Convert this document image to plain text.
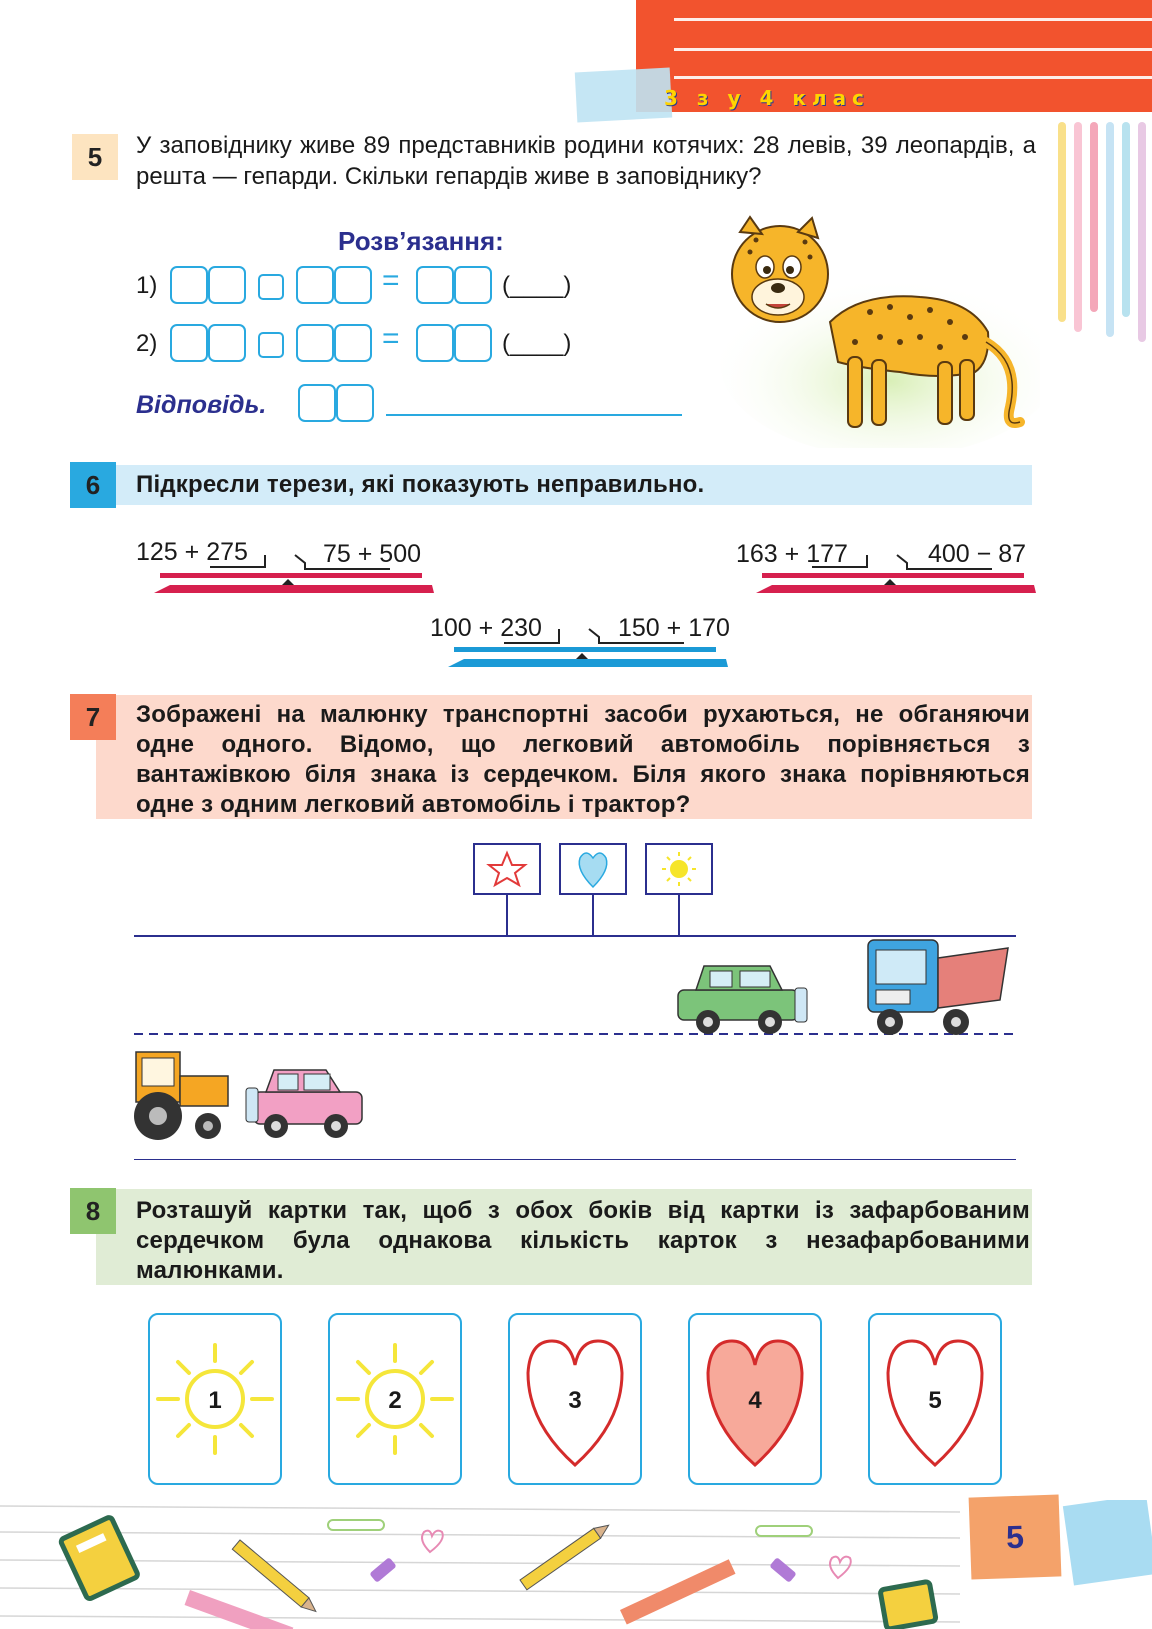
3 з у 4 клас
5	У заповіднику живе 89 представників родини котячих: 28 левів, 39 леопардів, а решта — гепарди. Скільки гепардів живе в заповіднику?
Розв’язання:
1)	=	(____)
2)	=	(____)
Відповідь.
6	Підкресли терези, які показують неправильно.
125 + 275	75 + 500	163 + 177	400 − 87
100 + 230	150 + 170
7	Зображені на малюнку транспортні засоби рухаються, не обганяючи одне одного. Відомо, що легковий автомобіль порівняється з вантажівкою біля знака із сердечком. Біля якого знака порівняються одне з одним легковий автомобіль і трактор?
8	Розташуй картки так, щоб з обох боків від картки із зафарбованим сердечком була однакова кількість карток з незафарбованими малюнками.
1	2	3	4	5
5
